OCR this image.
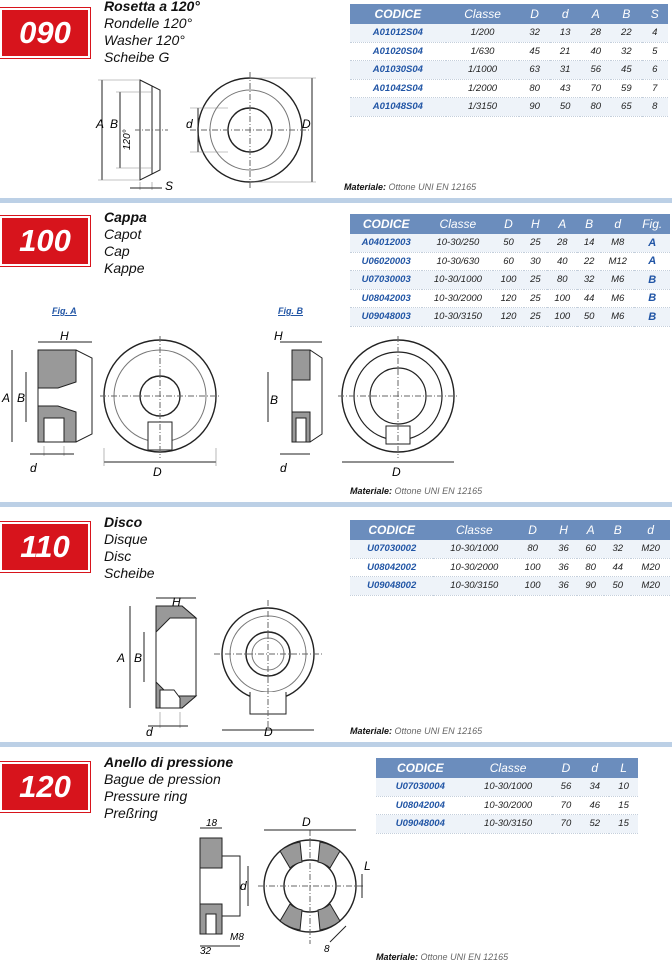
090
Rosetta a 120°
Rondelle 120°
Washer 120°
Scheibe G
CODICE	Classe	D	d	A	B	S
A01012S04	1/200	32	13	28	22	4
A01020S04	1/630	45	21	40	32	5
A01030S04	1/1000	63	31	56	45	6
A01042S04	1/2000	80	43	70	59	7
A01048S04	1/3150	90	50	80	65	8
A B
120°
S
d	D
Materiale: Ottone UNI EN 12165
100
Cappa
Capot
Cap
Kappe
CODICE	Classe	D	H	A	B	d	Fig.
A04012003	10-30/250	50	25	28	14	M8	A
U06020003	10-30/630	60	30	40	22	M12	A
U07030003	10-30/1000	100	25	80	32	M6	B
U08042003	10-30/2000	120	25	100	44	M6	B
U09048003	10-30/3150	120	25	100	50	M6	B
Fig. A	Fig. B
H
A B
d	D
H
B
d	D
Materiale: Ottone UNI EN 12165
110
Disco
Disque
Disc
Scheibe
CODICE	Classe	D	H	A	B	d
U07030002	10-30/1000	80	36	60	32	M20
U08042002	10-30/2000	100	36	80	44	M20
U09048002	10-30/3150	100	36	90	50	M20
A B
H
d	D	Materiale: Ottone UNI EN 12165
120
Anello di pressione
Bague de pression
Pressure ring
Preßring
CODICE	Classe	D	d	L
U07030004	10-30/1000	56	34	10
U08042004	10-30/2000	70	46	15
U09048004	10-30/3150	70	52	15
18
d
M8
32
D
L
8
Materiale: Ottone UNI EN 12165
